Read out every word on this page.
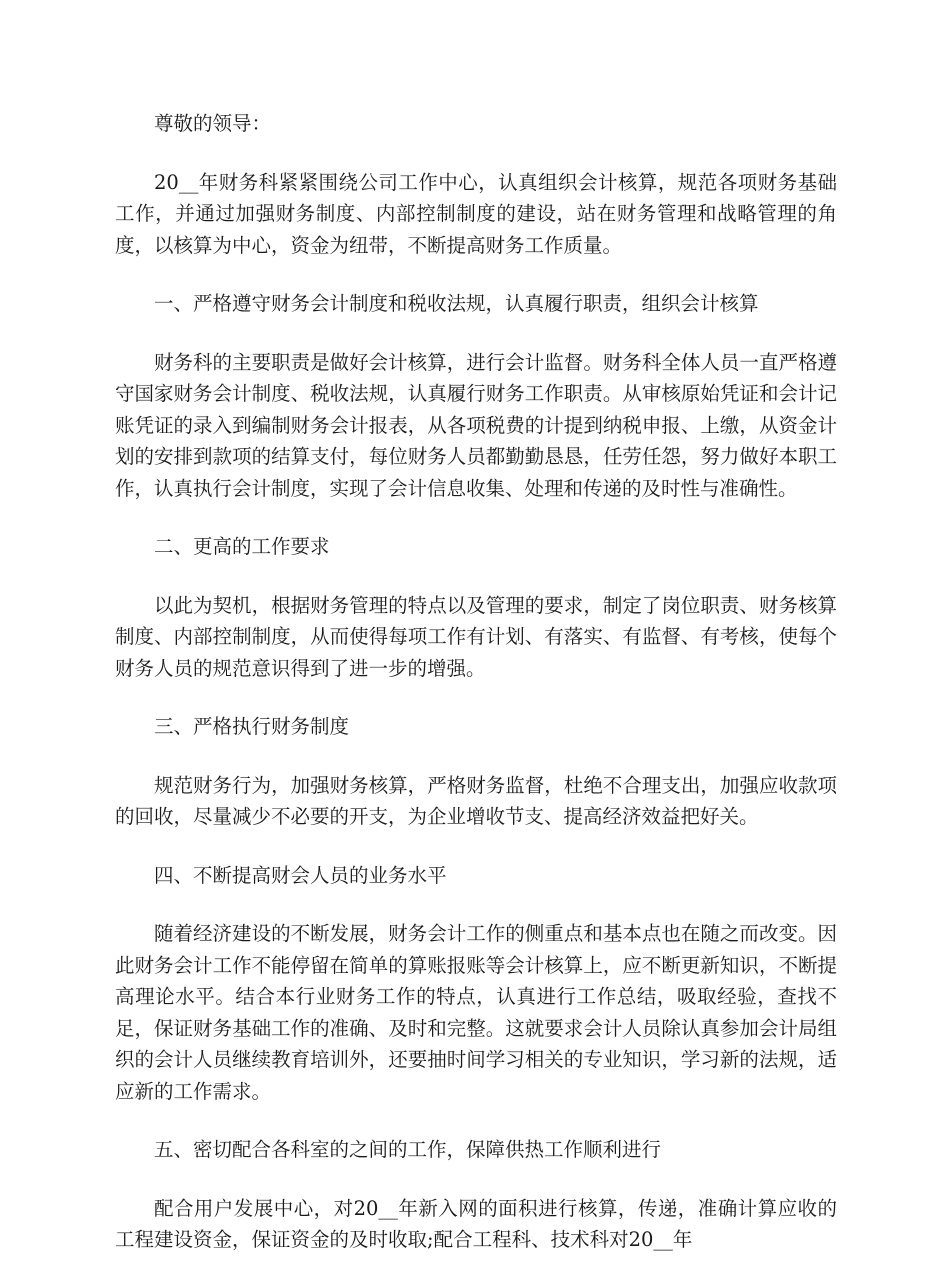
尊敬的领导：

20__年财务科紧紧围绕公司工作中心，认真组织会计核算，规范各项财务基础工作，并通过加强财务制度、内部控制制度的建设，站在财务管理和战略管理的角度，以核算为中心，资金为纽带，不断提高财务工作质量。

一、严格遵守财务会计制度和税收法规，认真履行职责，组织会计核算

财务科的主要职责是做好会计核算，进行会计监督。财务科全体人员一直严格遵守国家财务会计制度、税收法规，认真履行财务工作职责。从审核原始凭证和会计记账凭证的录入到编制财务会计报表，从各项税费的计提到纳税申报、上缴，从资金计划的安排到款项的结算支付，每位财务人员都勤勤恳恳，任劳任怨，努力做好本职工作，认真执行会计制度，实现了会计信息收集、处理和传递的及时性与准确性。

二、更高的工作要求

以此为契机，根据财务管理的特点以及管理的要求，制定了岗位职责、财务核算制度、内部控制制度，从而使得每项工作有计划、有落实、有监督、有考核，使每个财务人员的规范意识得到了进一步的增强。

三、严格执行财务制度

规范财务行为，加强财务核算，严格财务监督，杜绝不合理支出，加强应收款项的回收，尽量减少不必要的开支，为企业增收节支、提高经济效益把好关。

四、不断提高财会人员的业务水平

随着经济建设的不断发展，财务会计工作的侧重点和基本点也在随之而改变。因此财务会计工作不能停留在简单的算账报账等会计核算上，应不断更新知识，不断提高理论水平。结合本行业财务工作的特点，认真进行工作总结，吸取经验，查找不足，保证财务基础工作的准确、及时和完整。这就要求会计人员除认真参加会计局组织的会计人员继续教育培训外，还要抽时间学习相关的专业知识，学习新的法规，适应新的工作需求。

五、密切配合各科室的之间的工作，保障供热工作顺利进行

配合用户发展中心，对20__年新入网的面积进行核算，传递，准确计算应收的工程建设资金，保证资金的及时收取;配合工程科、技术科对20__年
